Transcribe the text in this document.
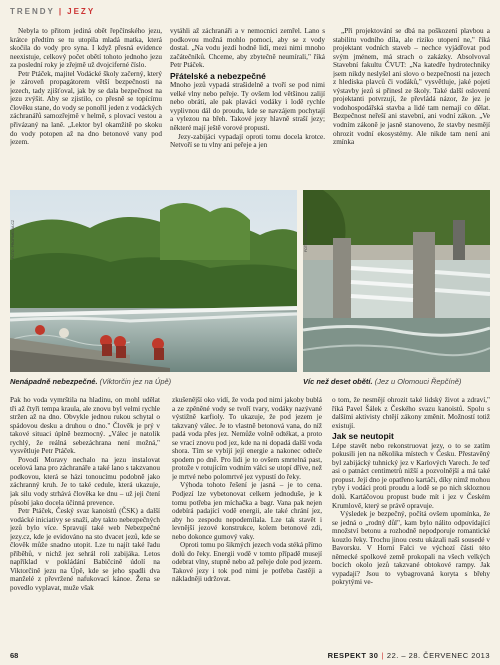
TRENDY | JEZY

Nebyla to přitom jediná obět řepčínského jezu, krátce předtím se tu utopila mladá matka, která skočila do vody pro syna. I když přesná evidence neexistuje, celkový počet obětí tohoto jednoho jezu za poslední roky je zřejmě už dvojciferné číslo.

Petr Ptáček, majitel Vodácké školy začerný, který je zároveň propagátorem větší bezpečnosti na jezech, tady zjišťoval, jak by se dala bezpečnost na jezu zvýšit. Aby se zjistilo, co přesně se topícímu člověku stane, do vody se ponořil jeden z vodáckých záchranářů samozřejmě v helmě, s plovací vestou a přivázaný na laně. „Lektor byl okamžitě po skoku do vody potopen až na dno betonové vany pod jezem.

vytáhli až záchranáři a v nemocnici zemřel. Lano s podkovou možná mohlo pomoci, aby se z vody dostal. „Na vodu jezdí hodně lidí, mezi nimi mnoho začátečníků. Chceme, aby zbytečně neumírali," říká Petr Ptáček.

Přátelské a nebezpečné

Mnoho jezů vypadá strašidelně a tvoří se pod nimi velké vlny nebo peřeje. Ty ovšem lod většinou zalijí nebo obrátí, ale pak plaváci vodáky i lodě rychle vyplivnou dál do proudu, kde se navzájem pochytají a vylezou na břeh. Takové jezy hlavně straší jezy; některé mají ještě vorové propusti.

Jezy-zabijáci vypadají oproti tomu docela krotce. Netvoří se tu vlny ani peřeje a jen

„Při projektování se dbá na poškození plavbou a stabilitu vodního díla, ale riziko utopení ne," říká projektant vodních staveb – nechce vyjádřovat pod svým jménem, má strach o zakázky. Absolvoval Stavební fakultu ČVUT: „Na katedře hydrotechniky jsem nikdy neslyšel ani slovo o bezpečnosti na jezech z hlediska plavců či vodáků," vysvětluje, jaké pojetí výstavby jezů si přinesl ze školy. Také další oslovení projektanti potvrzují, že převládá názor, že jez je vodohospodářská stavba a lidé tam nemají co dělat. Bezpečnost neřeší ani stavební, ani vodní zákon. „Ve vodním zákoně je jasně stanoveno, že stavby nesmějí ohrozit vodní ekosystémy. Ale nikde tam není ani zmínka

FOTO: PROFIMEDIA.CZ
Nenápadně nebezpečné. (Viktorčin jez na Úpě)
FOTO: ČTK/MAREK
Víc než deset obětí. (Jez u Olomouci Řepčíně)

Pak ho voda vymrštila na hladinu, on mohl udělat tři až čtyři tempa kraula, ale znovu byl velmi rychle stržen až na dno. Obvykle jednou rukou schytal o spádovou desku a druhou o dno." Člověk je prý v takové situaci úplně bezmocný. „Válec je natolik rychlý, že reálná sebezáchrana není možná," vysvětluje Petr Ptáček.

Povodí Moravy nechalo na jezu instalovat ocelová lana pro záchranáře a také lano s takzvanou podkovou, která se házi tonoucímu podobně jako záchranný kruh. Je to také cedule, která ukazuje, jak silu vody strhává člověka ke dnu – už jeji čtení působí jako docela účinná prevence.

Petr Ptáček, Český svaz kanoistů (ČSK) a další vodácké iniciativy se snaží, aby takto nebezpečných jezů bylo více. Spravují také web Nebezpečné jezy.cz, kde je evidováno na sto dvacet jezů, kde se člověk může snadno utopit. Lze tu najít také řadu příběhů, v nichž jez sehrál roli zabijáka. Letos například v pokládání Babičcině údolí na Viktorčině jezu na Úpě, kde se jeho spadli dva manželé z převržené nafukovací kánoe. Žena se povedlo vyplavat, muže však

zkušenější oko vidí, že voda pod nimi jakoby bublá a ze zpěněné vody se tvoří tvary, vodáky nazývané výstižně karfioly. To ukazuje, že pod jezem je takzvaný válec. Je to vlastně betonová vana, do níž padá voda přes jez. Nemůže volně odtékat, a proto se vrací znovu pod jez, kde na ni dopadá další voda shora. Tím se vybíjí její energie a nakonec odteče spodem po dně. Pro lidi je to ovšem smrtelná past, protože v rotujícím vodním válci se utopí dříve, než je mrtvé nebo polomrtvé jez vypustí do řeky.

Výhoda tohoto řešení je jasná – je to cena. Podjezí lze vybetonovat celkem jednoduše, je k tomu potřeba jen míchačka a bagr. Vana pak nejen odebírá padající vodě energii, ale také chrání jez, aby ho zespodu nepodemílala. Lze tak stavět i levnější jezové konstrukce, kolem betonové zdi, nebo dokonce gumový vaky.

Oproti tomu po šikmých jezech voda stéká přímo dolů do řeky. Energii vodě v tomto případě musejí odebrat vlny, stupně nebo až peřeje dole pod jezem. Takové jezy i tok pod nimi je potřeba častěji a nákladněji udržovat.

o tom, že nesmějí ohrozit také lidský život a zdraví," říká Pavel Šálek z Českého svazu kanoistů. Spolu s dalšími aktivisty chtějí zákony změnit. Možností totiž existují.

Jak se neutopit

Lépe stavět nebo rekonstruovat jezy, o to se zatím pokusili jen na několika místech v Česku. Přestavěný byl zabijácký tuhnický jez v Karlových Varech. Je teď asi o patnáct centimetrů nižší a pozvolnější a má také propust. Její dno je opatřeno kartáči, díky nimž mohou ryby i vodáci proti proudu a lodě se po nich skloznou dolů. Kartáčovou propust bude mít i jez v Českém Krumlově, který se právě opravuje.

Výsledek je bezpečný, počítá ovšem upomínka, že se jedná o „rodný důl", kam bylo nálito odpovídající množství betonu a rozhodně nepodporuje romantické kouzlo řeky. Trochu jinou cestu ukázali naši sousedé v Bavorsku. V Horní Falci ve výchozí části této německé spolkové země prokopali na všech velkých bocích okolo jezů takzvané obtokové rampy. Jak vypadají? Jsou to vybagrovaná koryta s břehy pokrytými ve-

68	RESPEKT 30 | 22. – 28. ČERVENEC 2013
